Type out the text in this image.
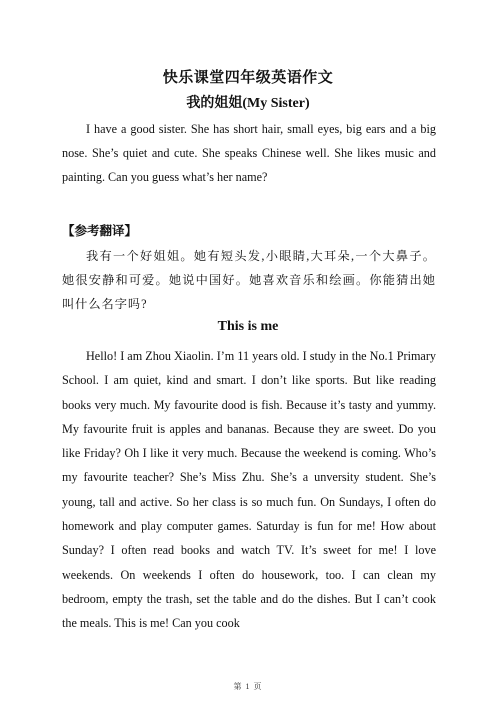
快乐课堂四年级英语作文
我的姐姐(My Sister)
I have a good sister. She has short hair, small eyes, big ears and a big nose. She’s quiet and cute. She speaks Chinese well. She likes music and painting. Can you guess what’s her name?
【参考翻译】
我有一个好姐姐。她有短头发,小眼睛,大耳朵,一个大鼻子。她很安静和可爱。她说中国好。她喜欢音乐和绘画。你能猜出她叫什么名字吗?
This is me
Hello! I am Zhou Xiaolin. I’m 11 years old. I study in the No.1 Primary School. I am quiet, kind and smart. I don’t like sports. But like reading books very much. My favourite dood is fish. Because it’s tasty and yummy. My favourite fruit is apples and bananas. Because they are sweet. Do you like Friday? Oh I like it very much. Because the weekend is coming. Who’s my favourite teacher? She’s Miss Zhu. She’s a unversity student. She’s young, tall and active. So her class is so much fun. On Sundays, I often do homework and play computer games. Saturday is fun for me! How about Sunday? I often read books and watch TV. It’s sweet for me! I love weekends. On weekends I often do housework, too. I can clean my bedroom, empty the trash, set the table and do the dishes. But I can’t cook the meals. This is me! Can you cook
第 1 页
